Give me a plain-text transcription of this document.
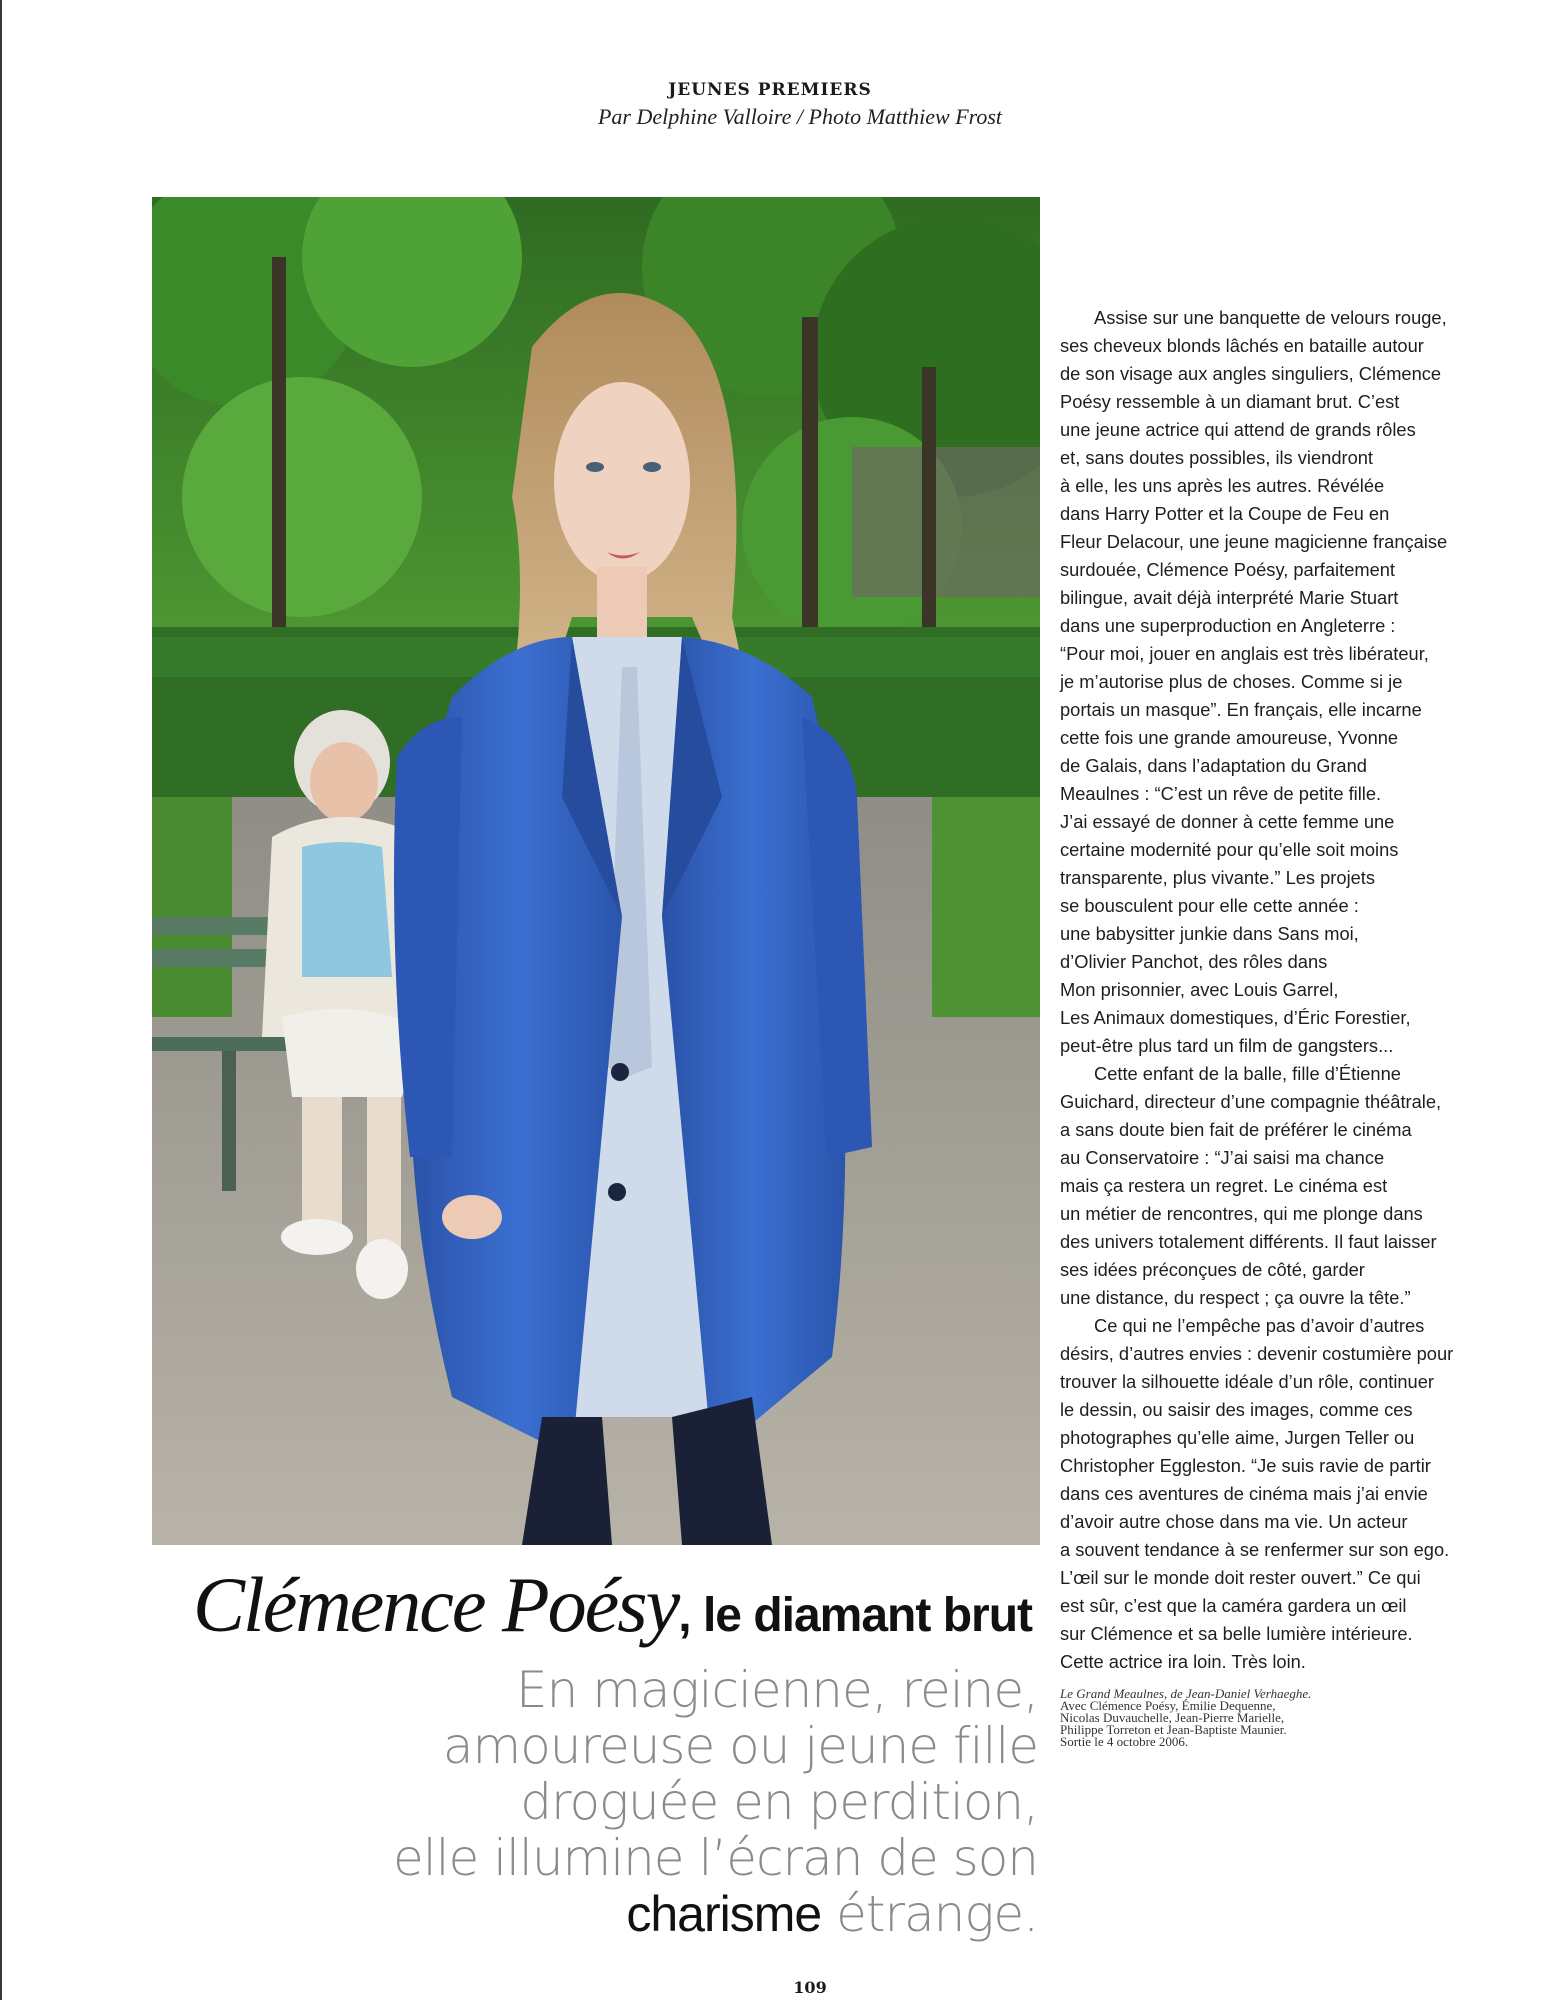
JEUNES PREMIERS
Par Delphine Valloire / Photo Matthiew Frost
Clémence Poésy, le diamant brut
En magicienne, reine,
amoureuse ou jeune fille
droguée en perdition,
elle illumine l’écran de son
charisme étrange.
109
Assise sur une banquette de velours rouge,
ses cheveux blonds lâchés en bataille autour
de son visage aux angles singuliers, Clémence
Poésy ressemble à un diamant brut. C’est
une jeune actrice qui attend de grands rôles
et, sans doutes possibles, ils viendront
à elle, les uns après les autres. Révélée
dans Harry Potter et la Coupe de Feu en
Fleur Delacour, une jeune magicienne française
surdouée, Clémence Poésy, parfaitement
bilingue, avait déjà interprété Marie Stuart
dans une superproduction en Angleterre :
“Pour moi, jouer en anglais est très libérateur,
je m’autorise plus de choses. Comme si je
portais un masque”. En français, elle incarne
cette fois une grande amoureuse, Yvonne
de Galais, dans l’adaptation du Grand
Meaulnes : “C’est un rêve de petite fille.
J’ai essayé de donner à cette femme une
certaine modernité pour qu’elle soit moins
transparente, plus vivante.” Les projets
se bousculent pour elle cette année :
une babysitter junkie dans Sans moi,
d’Olivier Panchot, des rôles dans
Mon prisonnier, avec Louis Garrel,
Les Animaux domestiques, d’Éric Forestier,
peut-être plus tard un film de gangsters...
Cette enfant de la balle, fille d’Étienne
Guichard, directeur d’une compagnie théâtrale,
a sans doute bien fait de préférer le cinéma
au Conservatoire : “J’ai saisi ma chance
mais ça restera un regret. Le cinéma est
un métier de rencontres, qui me plonge dans
des univers totalement différents. Il faut laisser
ses idées préconçues de côté, garder
une distance, du respect ; ça ouvre la tête.”
Ce qui ne l’empêche pas d’avoir d’autres
désirs, d’autres envies : devenir costumière pour
trouver la silhouette idéale d’un rôle, continuer
le dessin, ou saisir des images, comme ces
photographes qu’elle aime, Jurgen Teller ou
Christopher Eggleston. “Je suis ravie de partir
dans ces aventures de cinéma mais j’ai envie
d’avoir autre chose dans ma vie. Un acteur
a souvent tendance à se renfermer sur son ego.
L’œil sur le monde doit rester ouvert.” Ce qui
est sûr, c’est que la caméra gardera un œil
sur Clémence et sa belle lumière intérieure.
Cette actrice ira loin. Très loin.
Le Grand Meaulnes, de Jean-Daniel Verhaeghe.
Avec Clémence Poésy, Émilie Dequenne,
Nicolas Duvauchelle, Jean-Pierre Marielle,
Philippe Torreton et Jean-Baptiste Maunier.
Sortie le 4 octobre 2006.
